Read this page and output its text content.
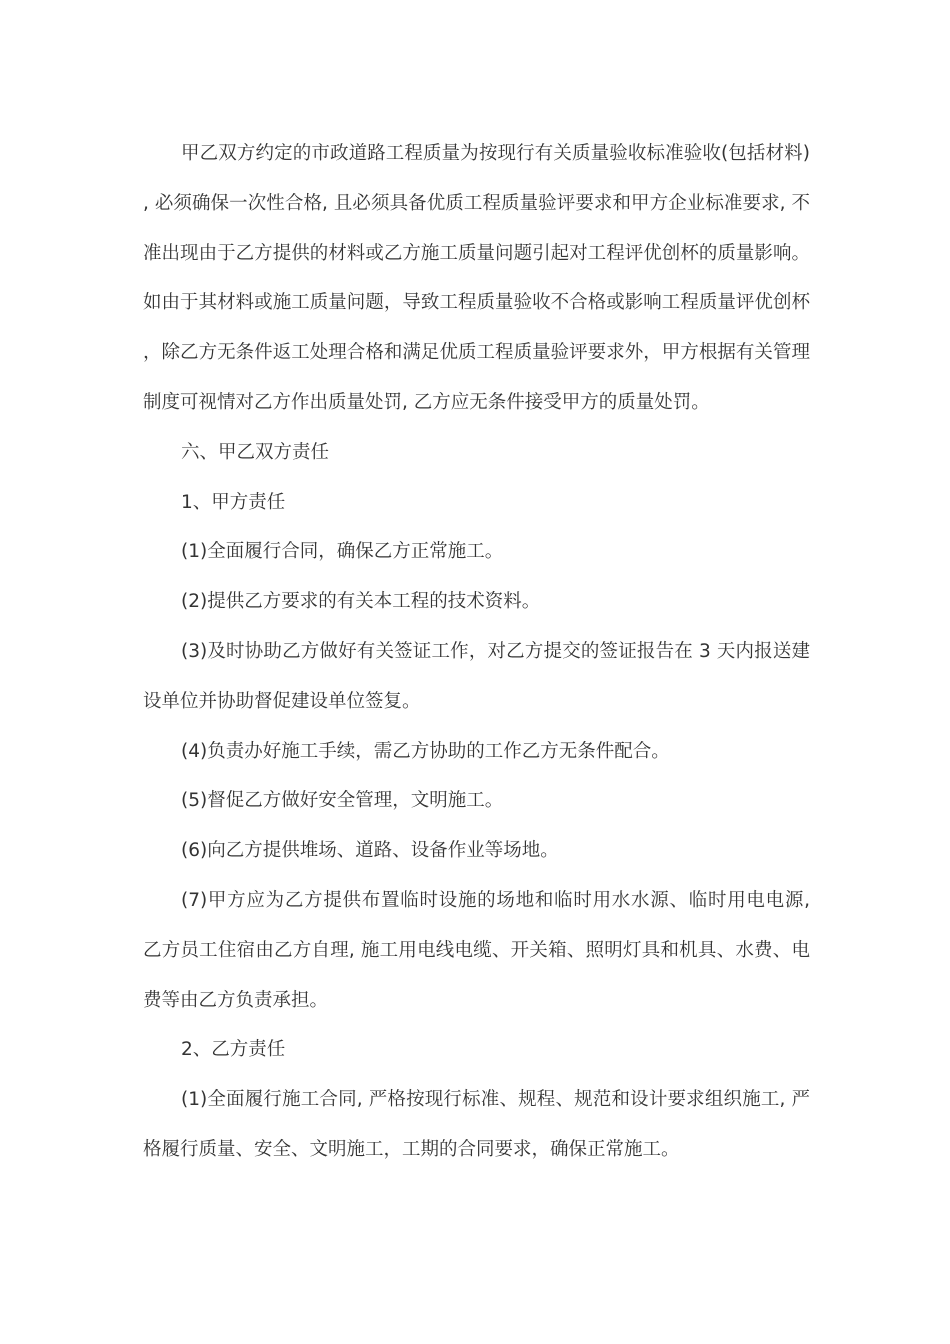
甲乙双方约定的市政道路工程质量为按现行有关质量验收标准验收(包括材料), 必须确保一次性合格, 且必须具备优质工程质量验评要求和甲方企业标准要求, 不准出现由于乙方提供的材料或乙方施工质量问题引起对工程评优创杯的质量影响。如由于其材料或施工质量问题，导致工程质量验收不合格或影响工程质量评优创杯，除乙方无条件返工处理合格和满足优质工程质量验评要求外，甲方根据有关管理制度可视情对乙方作出质量处罚, 乙方应无条件接受甲方的质量处罚。

六、甲乙双方责任

1、甲方责任

(1)全面履行合同，确保乙方正常施工。

(2)提供乙方要求的有关本工程的技术资料。

(3)及时协助乙方做好有关签证工作，对乙方提交的签证报告在 3 天内报送建设单位并协助督促建设单位签复。

(4)负责办好施工手续，需乙方协助的工作乙方无条件配合。

(5)督促乙方做好安全管理，文明施工。

(6)向乙方提供堆场、道路、设备作业等场地。

(7)甲方应为乙方提供布置临时设施的场地和临时用水水源、临时用电电源, 乙方员工住宿由乙方自理, 施工用电线电缆、开关箱、照明灯具和机具、水费、电费等由乙方负责承担。

2、乙方责任

(1)全面履行施工合同, 严格按现行标准、规程、规范和设计要求组织施工, 严格履行质量、安全、文明施工，工期的合同要求，确保正常施工。
